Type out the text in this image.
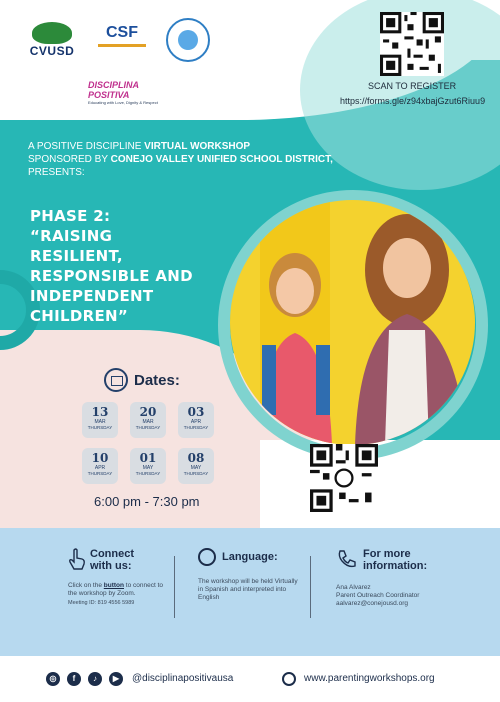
CVUSD
CSF
DISCIPLINA POSITIVA
Educating with Love, Dignity & Respect
SCAN TO REGISTER
https://forms.gle/z94xbajGzut6Riuu9
A POSITIVE DISCIPLINE VIRTUAL WORKSHOP
SPONSORED BY CONEJO VALLEY UNIFIED SCHOOL DISTRICT,
PRESENTS:
PHASE 2:
“RAISING
RESILIENT,
RESPONSIBLE AND
INDEPENDENT
CHILDREN”
Dates:
13
MAR
THURSDAY
20
MAR
THURSDAY
03
APR
THURSDAY
10
APR
THURSDAY
01
MAY
THURSDAY
08
MAY
THURSDAY
6:00 pm - 7:30 pm
Join the WhatsApp group by scanning the QR code
Connect
with us:
Click on the button to connect to the workshop by Zoom.
Meeting ID: 819 4556 5989
Language:
The workshop will be held Virtually in Spanish and interpreted into English
For more
information:
Ana Alvarez
Parent Outreach Coordinator
aalvarez@conejousd.org
◎	f	♪	▶	@disciplinapositivausa	www.parentingworkshops.org
